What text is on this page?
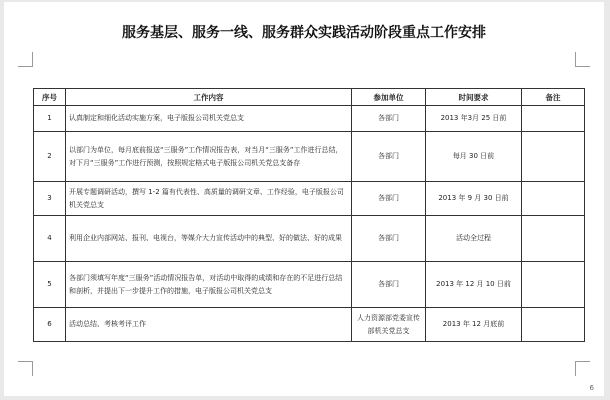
服务基层、服务一线、服务群众实践活动阶段重点工作安排
序号	工作内容	参加单位	时间要求	备注
1	认真制定和细化活动实施方案，电子版报公司机关党总支	各部门	2013 年3月 25 日前	
2	以部门为单位，每月底前报送“三服务”工作情况报告表，对当月“三服务”工作进行总结，对下月“三服务”工作进行预测，按照规定格式电子版报公司机关党总支备存	各部门	每月 30 日前	
3	开展专题调研活动，撰写 1-2 篇有代表性、高质量的调研文章、工作经验，电子版报公司机关党总支	各部门	2013 年 9 月 30 日前	
4	利用企业内部网站、报刊、电视台，等媒介大力宣传活动中的典型、好的做法、好的成果	各部门	活动全过程	
5	各部门须填写年度“三服务”活动情况报告单，对活动中取得的成绩和存在的不足进行总结和剖析，并提出下一步提升工作的措施，电子版报公司机关党总支	各部门	2013 年 12 月 10 日前	
6	活动总结、考核考评工作	人力资源部党委宣传部机关党总支	2013 年 12 月底前	
6
